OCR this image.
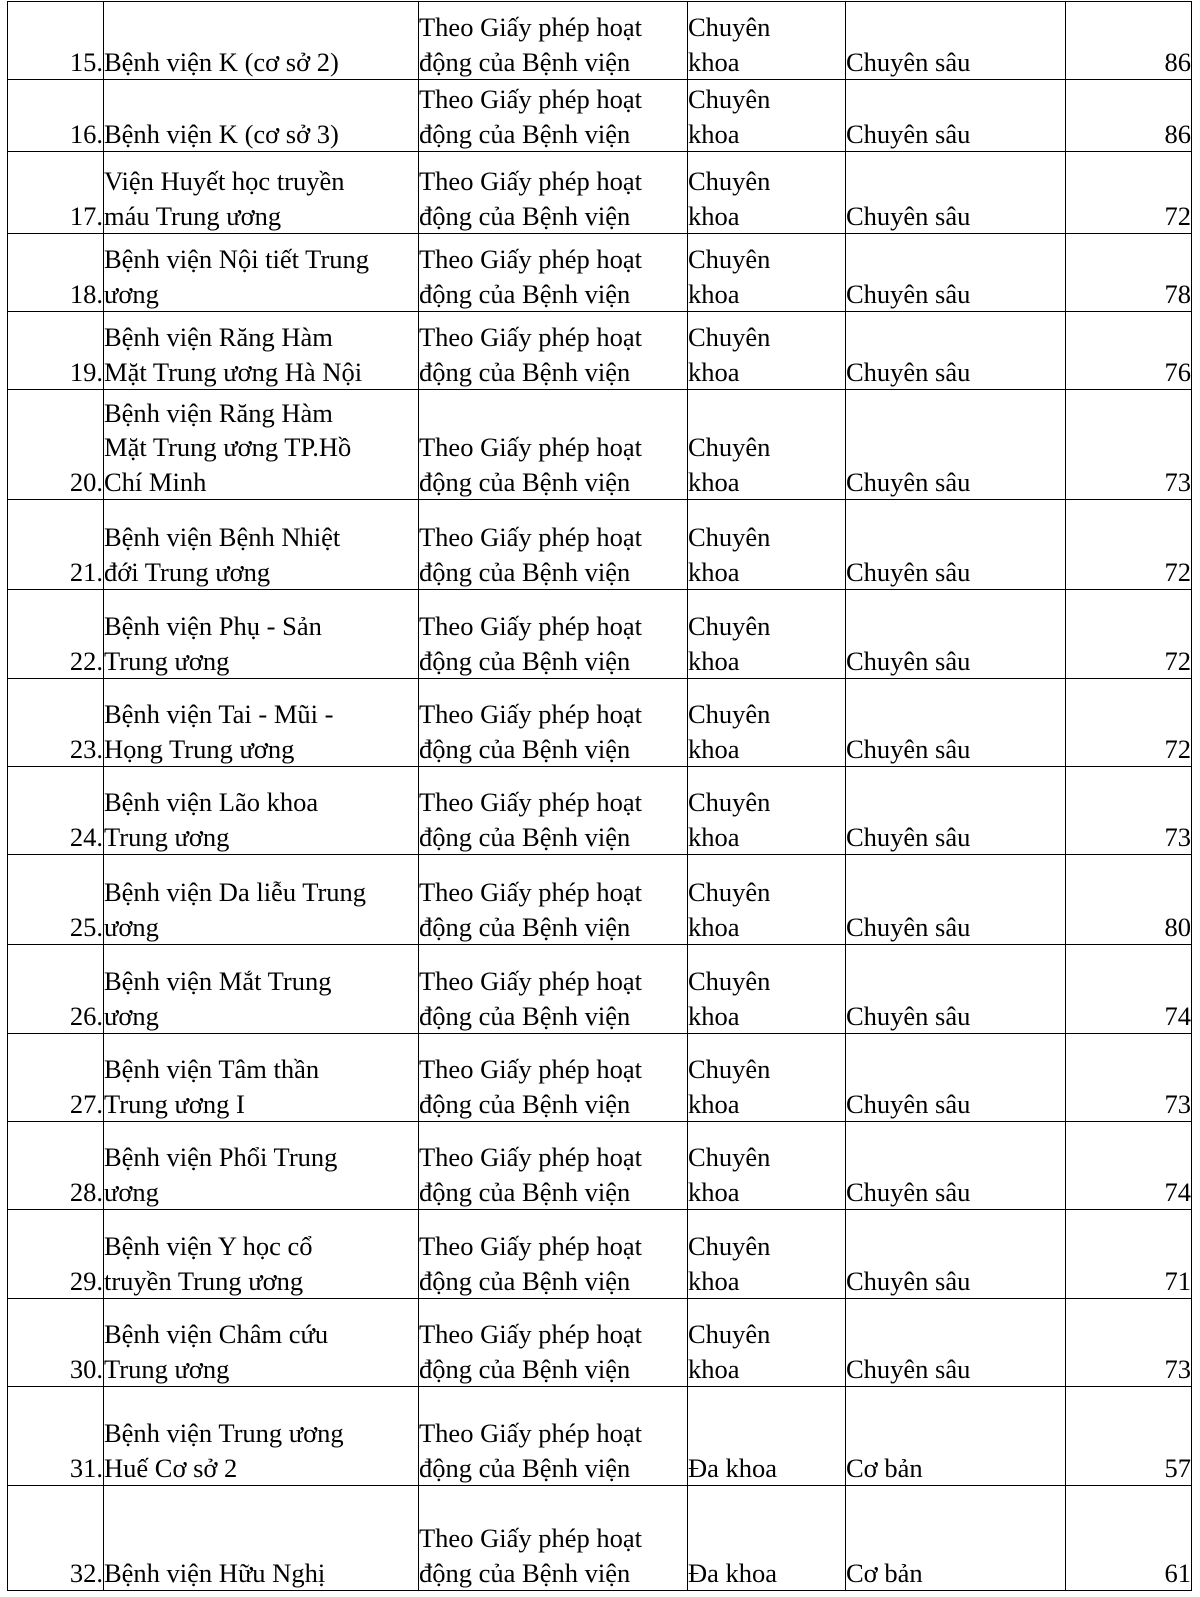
15.	Bệnh viện K (cơ sở 2)	Theo Giấy phép hoạt
động của Bệnh viện	Chuyên
khoa	Chuyên sâu	86
16.	Bệnh viện K (cơ sở 3)	Theo Giấy phép hoạt
động của Bệnh viện	Chuyên
khoa	Chuyên sâu	86
17.	Viện Huyết học truyền
máu Trung ương	Theo Giấy phép hoạt
động của Bệnh viện	Chuyên
khoa	Chuyên sâu	72
18.	Bệnh viện Nội tiết Trung
ương	Theo Giấy phép hoạt
động của Bệnh viện	Chuyên
khoa	Chuyên sâu	78
19.	Bệnh viện Răng Hàm
Mặt Trung ương Hà Nội	Theo Giấy phép hoạt
động của Bệnh viện	Chuyên
khoa	Chuyên sâu	76
20.	Bệnh viện Răng Hàm
Mặt Trung ương TP.Hồ
Chí Minh	Theo Giấy phép hoạt
động của Bệnh viện	Chuyên
khoa	Chuyên sâu	73
21.	Bệnh viện Bệnh Nhiệt
đới Trung ương	Theo Giấy phép hoạt
động của Bệnh viện	Chuyên
khoa	Chuyên sâu	72
22.	Bệnh viện Phụ - Sản
Trung ương	Theo Giấy phép hoạt
động của Bệnh viện	Chuyên
khoa	Chuyên sâu	72
23.	Bệnh viện Tai - Mũi -
Họng Trung ương	Theo Giấy phép hoạt
động của Bệnh viện	Chuyên
khoa	Chuyên sâu	72
24.	Bệnh viện Lão khoa
Trung ương	Theo Giấy phép hoạt
động của Bệnh viện	Chuyên
khoa	Chuyên sâu	73
25.	Bệnh viện Da liễu Trung
ương	Theo Giấy phép hoạt
động của Bệnh viện	Chuyên
khoa	Chuyên sâu	80
26.	Bệnh viện Mắt Trung
ương	Theo Giấy phép hoạt
động của Bệnh viện	Chuyên
khoa	Chuyên sâu	74
27.	Bệnh viện Tâm thần
Trung ương I	Theo Giấy phép hoạt
động của Bệnh viện	Chuyên
khoa	Chuyên sâu	73
28.	Bệnh viện Phổi Trung
ương	Theo Giấy phép hoạt
động của Bệnh viện	Chuyên
khoa	Chuyên sâu	74
29.	Bệnh viện Y học cổ
truyền Trung ương	Theo Giấy phép hoạt
động của Bệnh viện	Chuyên
khoa	Chuyên sâu	71
30.	Bệnh viện Châm cứu
Trung ương	Theo Giấy phép hoạt
động của Bệnh viện	Chuyên
khoa	Chuyên sâu	73
31.	Bệnh viện Trung ương
Huế Cơ sở 2	Theo Giấy phép hoạt
động của Bệnh viện	Đa khoa	Cơ bản	57
32.	Bệnh viện Hữu Nghị	Theo Giấy phép hoạt
động của Bệnh viện	Đa khoa	Cơ bản	61
